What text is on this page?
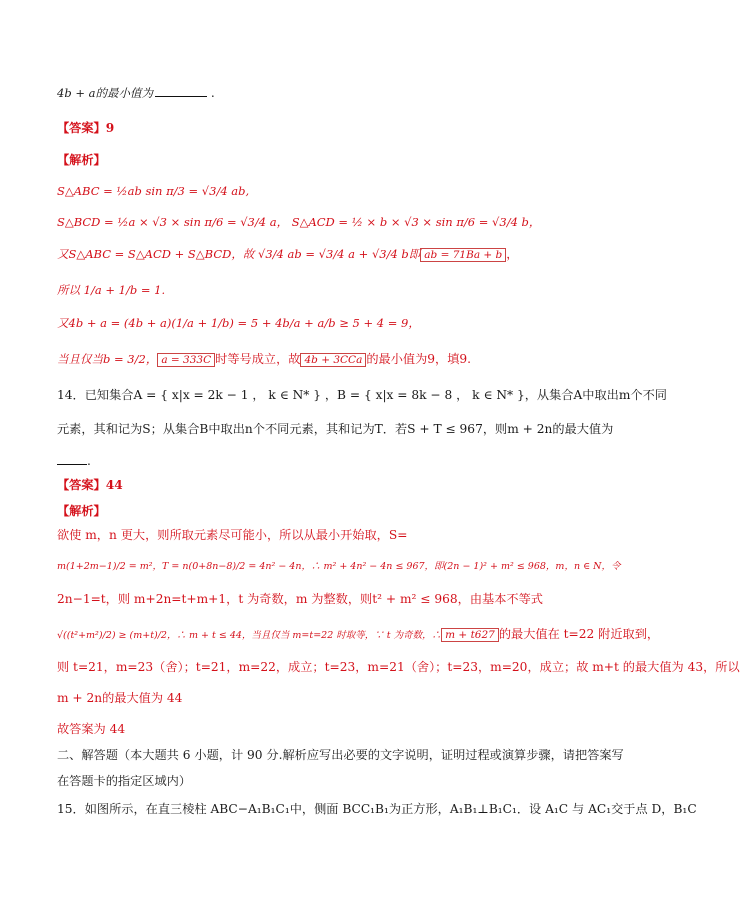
4b + a的最小值为	.
【答案】9
【解析】
S△ABC = ½ab sin π/3 = √3/4 ab,
S△BCD = ½a × √3 × sin π/6 = √3/4 a， S△ACD = ½ × b × √3 × sin π/6 = √3/4 b，
又S△ABC = S△ACD + S△BCD，故 √3/4 ab = √3/4 a + √3/4 b即 ab = 71Ba + b ，
所以 1/a + 1/b = 1.
又4b + a = (4b + a)(1/a + 1/b) = 5 + 4b/a + a/b ≥ 5 + 4 = 9，
当且仅当b = 3/2， a = 333C 时等号成立，故 4b + 3CCa 的最小值为9，填9.
14．已知集合A = { x|x = 2k − 1 ， k ∈ N* } ，B = { x|x = 8k − 8 ， k ∈ N* }，从集合A中取出m个不同
元素，其和记为S；从集合B中取出n个不同元素，其和记为T．若S + T ≤ 967，则m + 2n的最大值为
.
【答案】44
【解析】
欲使 m，n 更大，则所取元素尽可能小，所以从最小开始取，S=
m(1+2m−1)/2 = m²，T = n(0+8n−8)/2 = 4n² − 4n，∴ m² + 4n² − 4n ≤ 967，即(2n − 1)² + m² ≤ 968，m，n ∈ N，令
2n−1=t，则 m+2n=t+m+1，t 为奇数，m 为整数，则t² + m² ≤ 968，由基本不等式
√((t²+m²)/2) ≥ (m+t)/2，∴ m + t ≤ 44，当且仅当 m=t=22 时取等，∵ t 为奇数，∴ m + t627 的最大值在 t=22 附近取到，
则 t=21，m=23（舍）；t=21，m=22，成立；t=23，m=21（舍）；t=23，m=20，成立；故 m+t 的最大值为 43，所以
m + 2n的最大值为 44
故答案为 44
二、解答题（本大题共 6 小题，计 90 分.解析应写出必要的文字说明，证明过程或演算步骤，请把答案写
在答题卡的指定区域内）
15．如图所示，在直三棱柱 ABC−A₁B₁C₁中，侧面 BCC₁B₁为正方形，A₁B₁⊥B₁C₁．设 A₁C 与 AC₁交于点 D，B₁C
